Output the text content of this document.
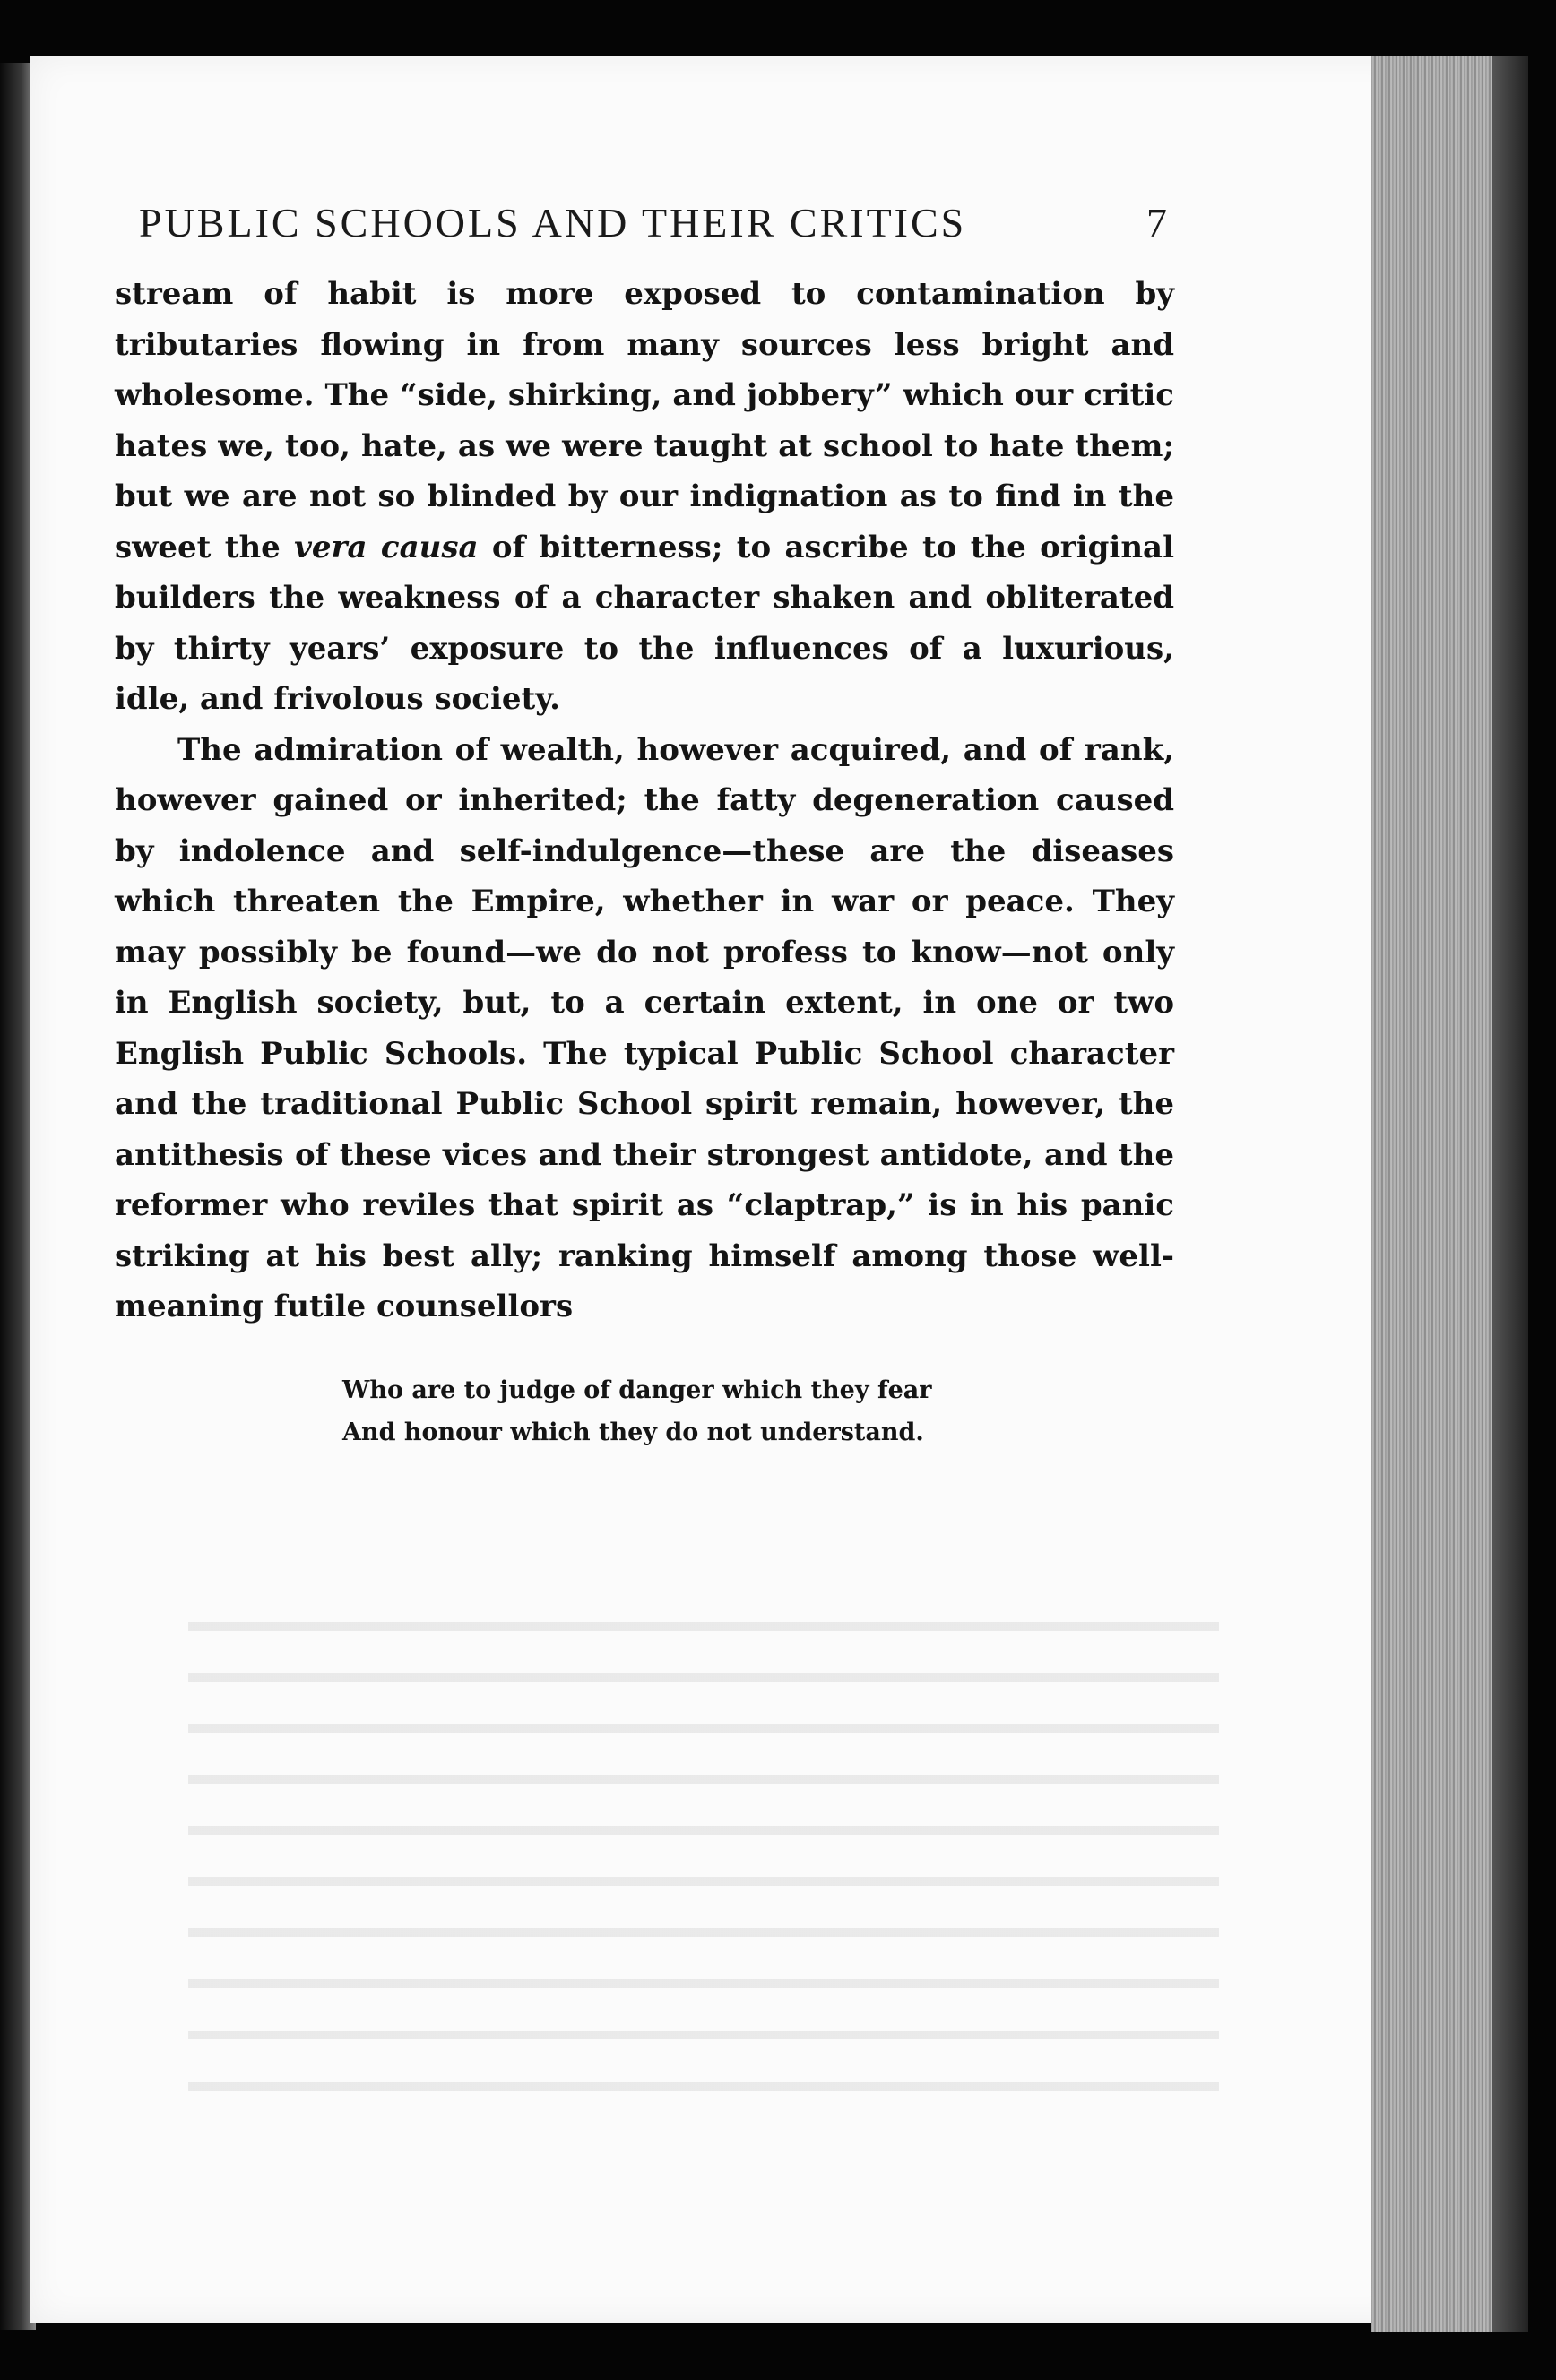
PUBLIC SCHOOLS AND THEIR CRITICS	7

stream of habit is more exposed to contamination by tributaries flowing in from many sources less bright and wholesome. The “side, shirking, and jobbery” which our critic hates we, too, hate, as we were taught at school to hate them; but we are not so blinded by our indignation as to find in the sweet the vera causa of bitterness; to ascribe to the original builders the weakness of a character shaken and obliterated by thirty years’ exposure to the influences of a luxurious, idle, and frivolous society.

The admiration of wealth, however acquired, and of rank, however gained or inherited; the fatty degeneration caused by indolence and self-indulgence—these are the diseases which threaten the Empire, whether in war or peace. They may possibly be found—we do not profess to know—not only in English society, but, to a certain extent, in one or two English Public Schools. The typical Public School character and the traditional Public School spirit remain, however, the antithesis of these vices and their strongest antidote, and the reformer who reviles that spirit as “claptrap,” is in his panic striking at his best ally; ranking himself among those well-meaning futile counsellors

Who are to judge of danger which they fear
And honour which they do not understand.
